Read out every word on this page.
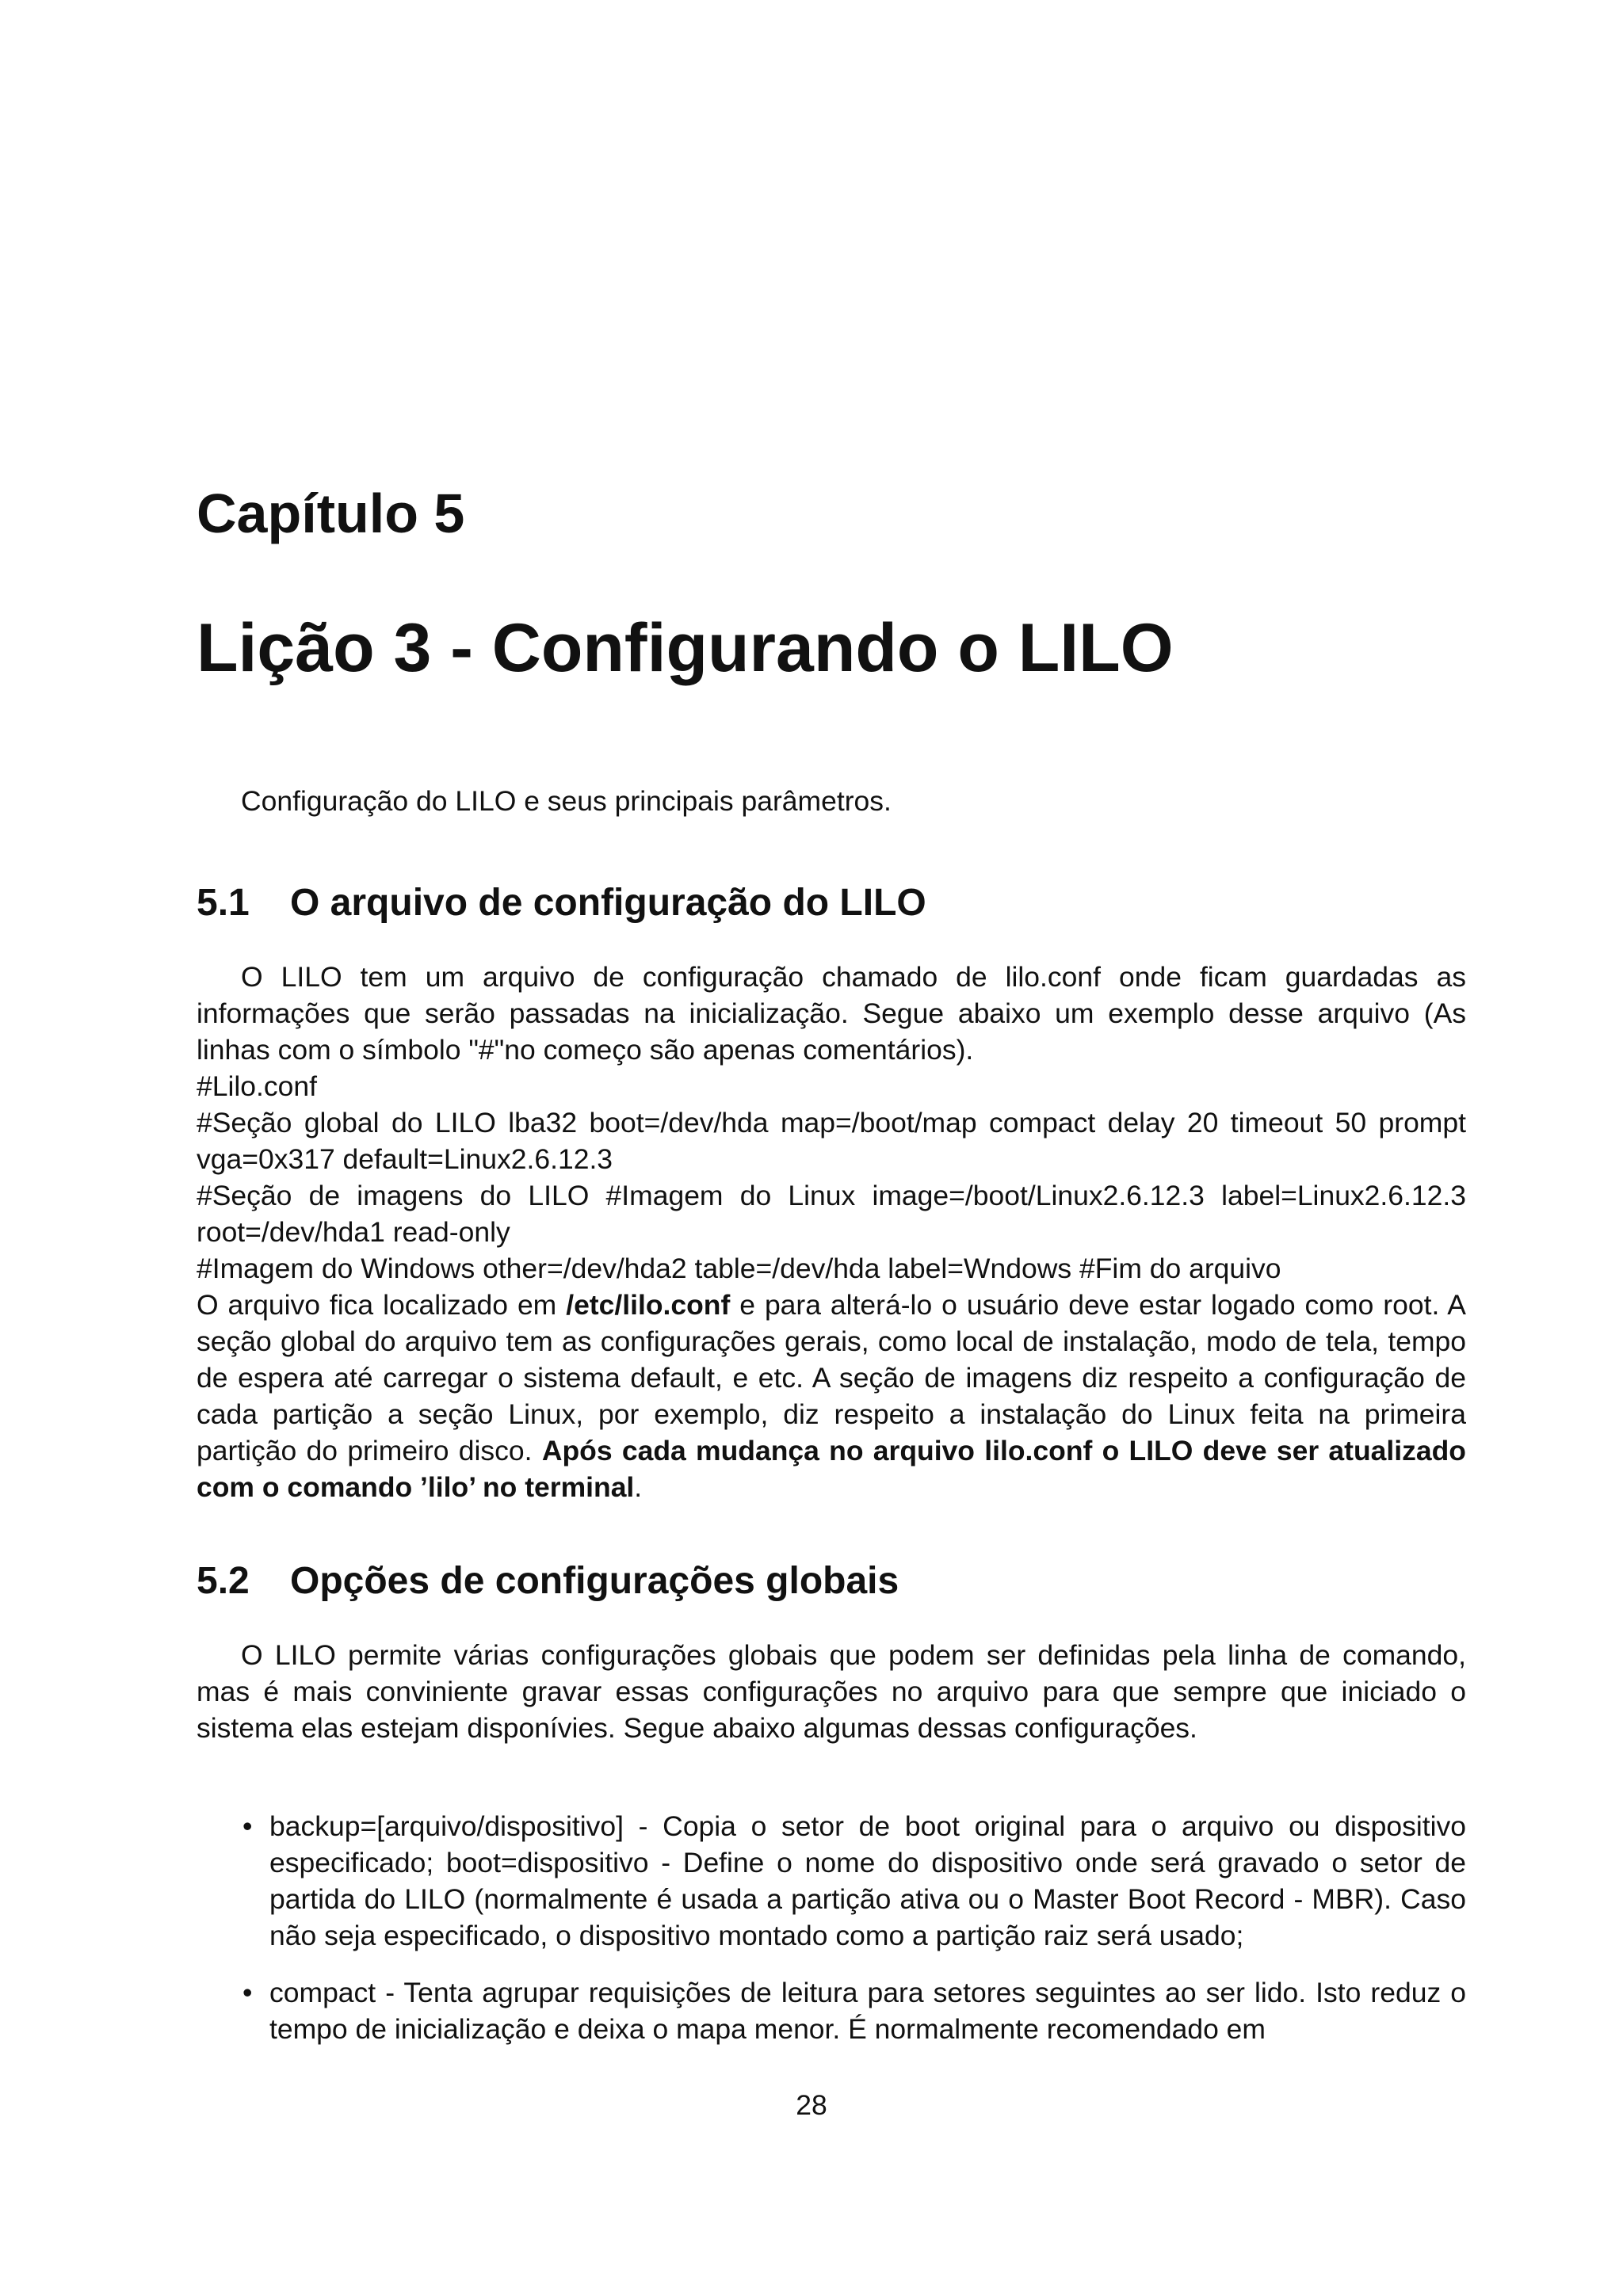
Capítulo 5
Lição 3 - Configurando o LILO

Configuração do LILO e seus principais parâmetros.

5.1 O arquivo de configuração do LILO

O LILO tem um arquivo de configuração chamado de lilo.conf onde ficam guardadas as informações que serão passadas na inicialização. Segue abaixo um exemplo desse arquivo (As linhas com o símbolo "#"no começo são apenas comentários).

#Lilo.conf

#Seção global do LILO lba32 boot=/dev/hda map=/boot/map compact delay 20 timeout 50 prompt vga=0x317 default=Linux2.6.12.3

#Seção de imagens do LILO #Imagem do Linux image=/boot/Linux2.6.12.3 label=Linux2.6.12.3 root=/dev/hda1 read-only

#Imagem do Windows other=/dev/hda2 table=/dev/hda label=Wndows #Fim do arquivo

O arquivo fica localizado em /etc/lilo.conf e para alterá-lo o usuário deve estar logado como root. A seção global do arquivo tem as configurações gerais, como local de instalação, modo de tela, tempo de espera até carregar o sistema default, e etc. A seção de imagens diz respeito a configuração de cada partição a seção Linux, por exemplo, diz respeito a instalação do Linux feita na primeira partição do primeiro disco. Após cada mudança no arquivo lilo.conf o LILO deve ser atualizado com o comando ’lilo’ no terminal.

5.2 Opções de configurações globais

O LILO permite várias configurações globais que podem ser definidas pela linha de comando, mas é mais conviniente gravar essas configurações no arquivo para que sempre que iniciado o sistema elas estejam disponívies. Segue abaixo algumas dessas configurações.

• backup=[arquivo/dispositivo] - Copia o setor de boot original para o arquivo ou dispositivo especificado; boot=dispositivo - Define o nome do dispositivo onde será gravado o setor de partida do LILO (normalmente é usada a partição ativa ou o Master Boot Record - MBR). Caso não seja especificado, o dispositivo montado como a partição raiz será usado;
• compact - Tenta agrupar requisições de leitura para setores seguintes ao ser lido. Isto reduz o tempo de inicialização e deixa o mapa menor. É normalmente recomendado em
28
